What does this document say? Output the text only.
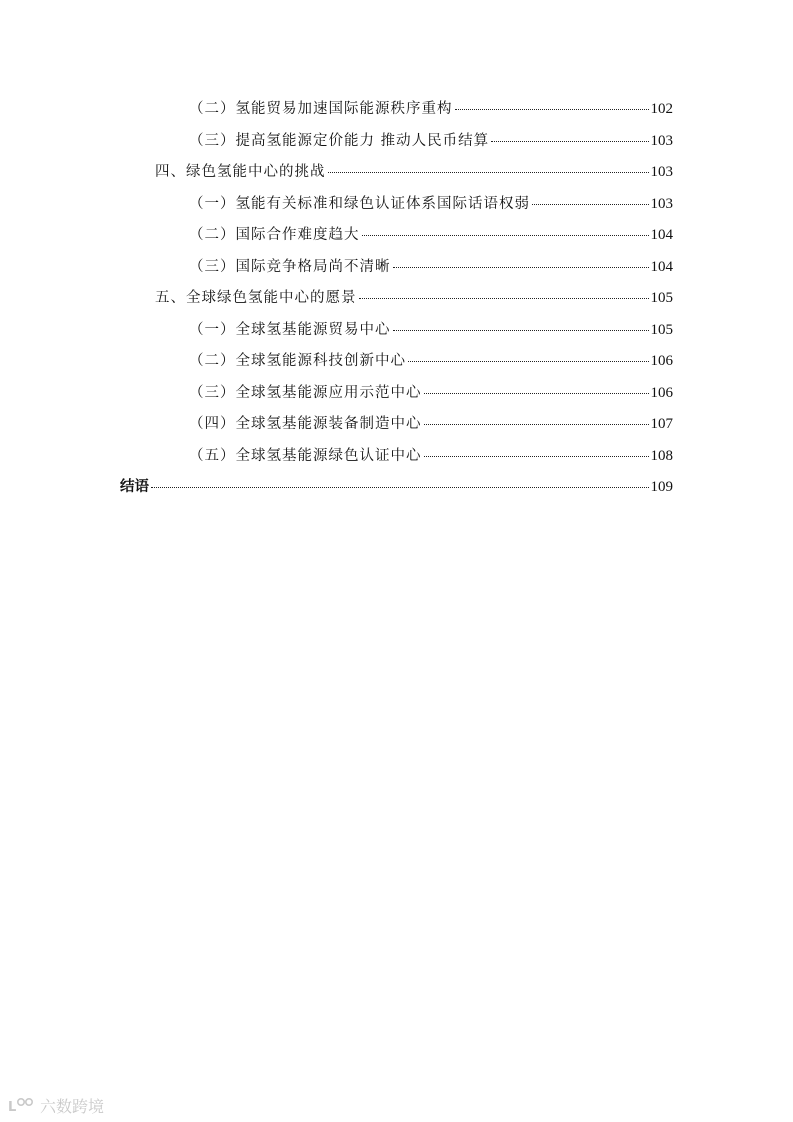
（二）氢能贸易加速国际能源秩序重构	102
（三）提高氢能源定价能力 推动人民币结算	103
四、绿色氢能中心的挑战	103
（一）氢能有关标准和绿色认证体系国际话语权弱	103
（二）国际合作难度趋大	104
（三）国际竞争格局尚不清晰	104
五、全球绿色氢能中心的愿景	105
（一）全球氢基能源贸易中心	105
（二）全球氢能源科技创新中心	106
（三）全球氢基能源应用示范中心	106
（四）全球氢基能源装备制造中心	107
（五）全球氢基能源绿色认证中心	108
结语	109
L 六数跨境
